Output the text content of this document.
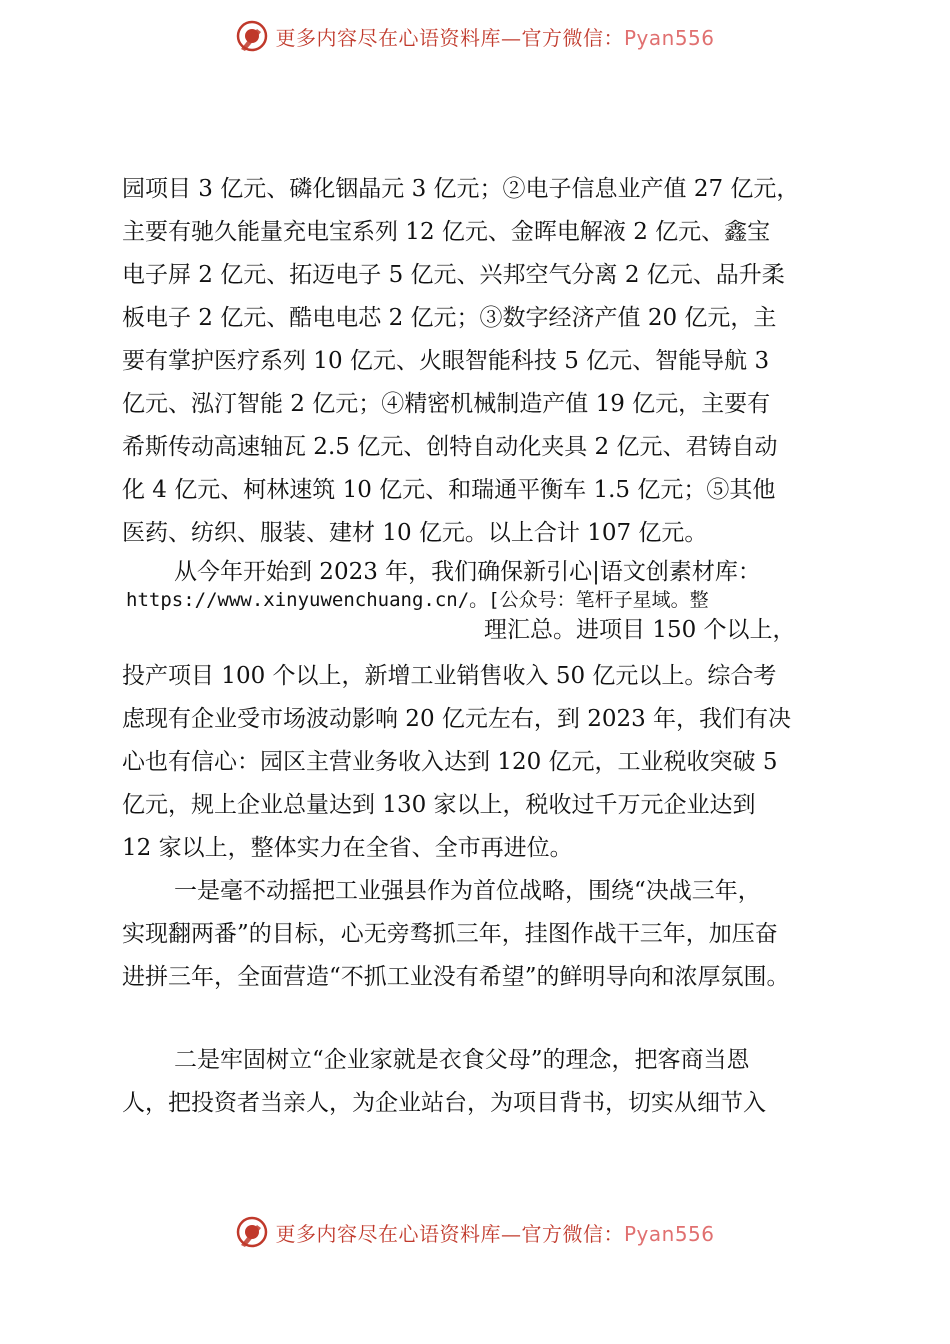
更多内容尽在心语资料库—官方微信：Pyan556
园项目 3 亿元、磷化铟晶元 3 亿元；②电子信息业产值 27 亿元，
主要有驰久能量充电宝系列 12 亿元、金晖电解液 2 亿元、鑫宝
电子屏 2 亿元、拓迈电子 5 亿元、兴邦空气分离 2 亿元、品升柔
板电子 2 亿元、酷电电芯 2 亿元；③数字经济产值 20 亿元，主
要有掌护医疗系列 10 亿元、火眼智能科技 5 亿元、智能导航 3
亿元、泓汀智能 2 亿元；④精密机械制造产值 19 亿元，主要有
希斯传动高速轴瓦 2.5 亿元、创特自动化夹具 2 亿元、君铸自动
化 4 亿元、柯林速筑 10 亿元、和瑞通平衡车 1.5 亿元；⑤其他
医药、纺织、服装、建材 10 亿元。以上合计 107 亿元。
从今年开始到 2023 年，我们确保新引心|语文创素材库：
https://www.xinyuwenchuang.cn/。[公众号：笔杆子星域。整
理汇总。进项目 150 个以上，
投产项目 100 个以上，新增工业销售收入 50 亿元以上。综合考
虑现有企业受市场波动影响 20 亿元左右，到 2023 年，我们有决
心也有信心：园区主营业务收入达到 120 亿元，工业税收突破 5
亿元，规上企业总量达到 130 家以上，税收过千万元企业达到
12 家以上，整体实力在全省、全市再进位。
一是毫不动摇把工业强县作为首位战略，围绕“决战三年，
实现翻两番”的目标，心无旁骛抓三年，挂图作战干三年，加压奋
进拼三年，全面营造“不抓工业没有希望”的鲜明导向和浓厚氛围。
二是牢固树立“企业家就是衣食父母”的理念，把客商当恩
人，把投资者当亲人，为企业站台，为项目背书，切实从细节入
更多内容尽在心语资料库—官方微信：Pyan556
